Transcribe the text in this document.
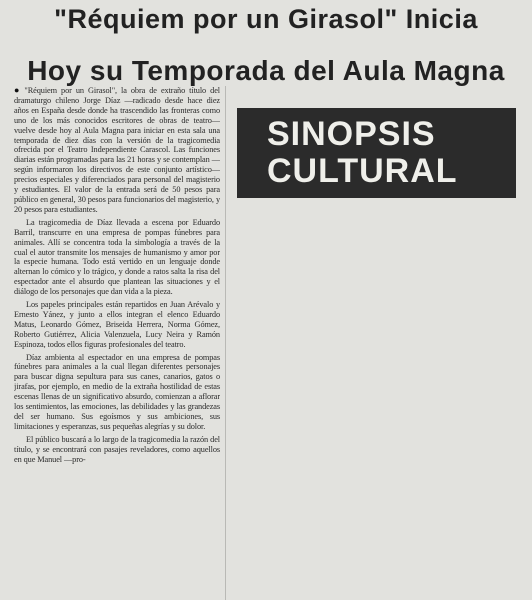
"Réquiem por un Girasol" Inicia
Hoy su Temporada del Aula Magna

● "Réquiem por un Girasol", la obra de extraño título del dramaturgo chileno Jorge Díaz —radicado desde hace diez años en España desde donde ha trascendido las fronteras como uno de los más conocidos escritores de obras de teatro— vuelve desde hoy al Aula Magna para iniciar en esta sala una temporada de diez días con la versión de la tragicomedia ofrecida por el Teatro Independiente Carascol. Las funciones diarias están programadas para las 21 horas y se contemplan —según informaron los directivos de este conjunto artístico— precios especiales y diferenciados para personal del magisterio y estudiantes. El valor de la entrada será de 50 pesos para público en general, 30 pesos para funcionarios del magisterio, y 20 pesos para estudiantes.

La tragicomedia de Díaz llevada a escena por Eduardo Barril, transcurre en una empresa de pompas fúnebres para animales. Allí se concentra toda la simbología a través de la cual el autor transmite los mensajes de humanismo y amor por la especie humana. Todo está vertido en un lenguaje donde alternan lo cómico y lo trágico, y donde a ratos salta la risa del espectador ante el absurdo que plantean las situaciones y el diálogo de los personajes que dan vida a la pieza.

Los papeles principales están repartidos en Juan Arévalo y Ernesto Yánez, y junto a ellos integran el elenco Eduardo Matus, Leonardo Gómez, Briseida Herrera, Norma Gómez, Roberto Gutiérrez, Alicia Valenzuela, Lucy Neira y Ramón Espinoza, todos ellos figuras profesionales del teatro.

Díaz ambienta al espectador en una empresa de pompas fúnebres para animales a la cual llegan diferentes personajes para buscar digna sepultura para sus canes, canarios, gatos o jirafas, por ejemplo, en medio de la extraña hostilidad de estas escenas llenas de un significativo absurdo, comienzan a aflorar los sentimientos, las emociones, las debilidades y las grandezas del ser humano. Sus egoísmos y sus ambiciones, sus limitaciones y esperanzas, sus pequeñas alegrías y su dolor.

El público buscará a lo largo de la tragicomedia la razón del título, y se encontrará con pasajes reveladores, como aquellos en que Manuel —pro-

SINOPSIS
CULTURAL
